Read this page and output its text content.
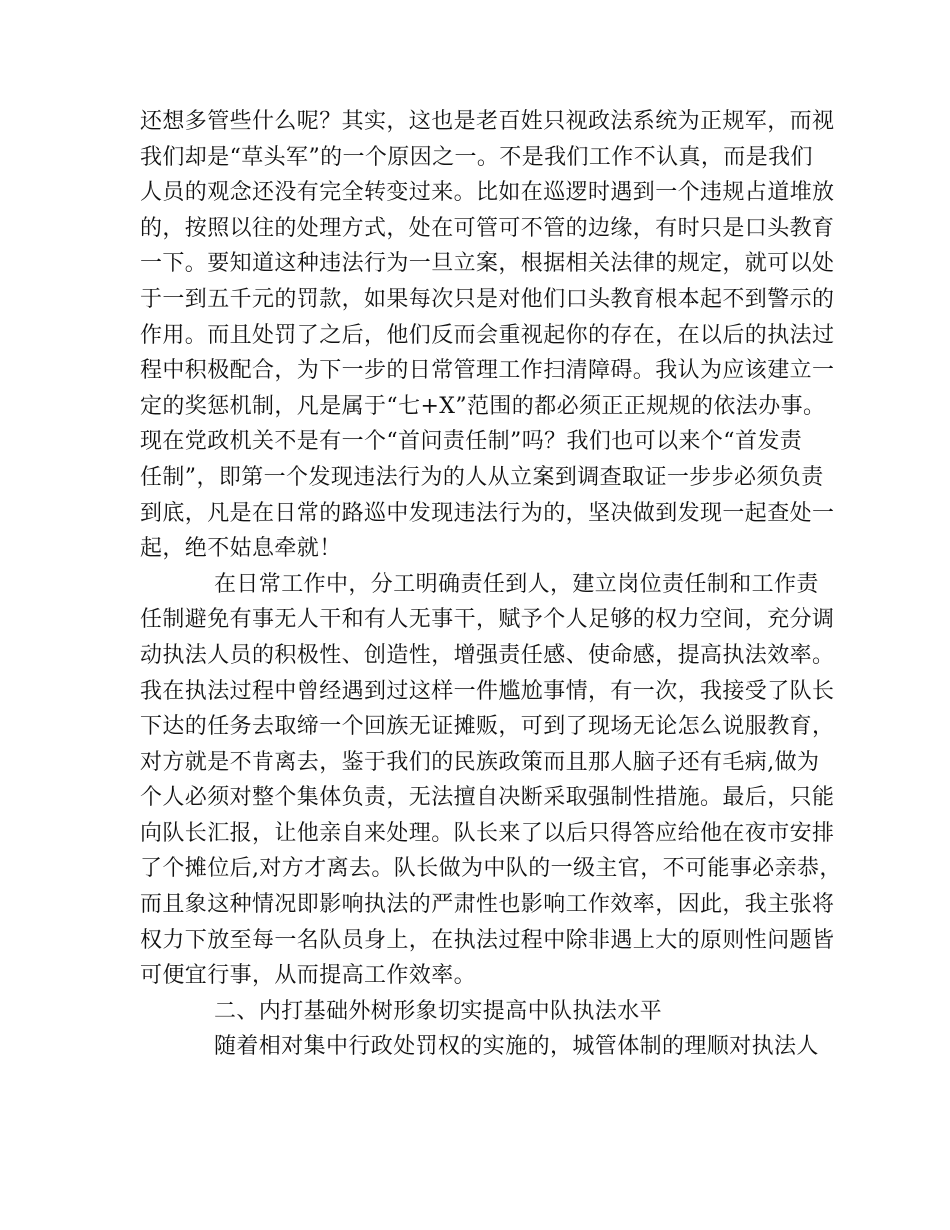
还想多管些什么呢？其实，这也是老百姓只视政法系统为正规军，而视
我们却是“草头军”的一个原因之一。不是我们工作不认真，而是我们
人员的观念还没有完全转变过来。比如在巡逻时遇到一个违规占道堆放
的，按照以往的处理方式，处在可管可不管的边缘，有时只是口头教育
一下。要知道这种违法行为一旦立案，根据相关法律的规定，就可以处
于一到五千元的罚款，如果每次只是对他们口头教育根本起不到警示的
作用。而且处罚了之后，他们反而会重视起你的存在，在以后的执法过
程中积极配合，为下一步的日常管理工作扫清障碍。我认为应该建立一
定的奖惩机制，凡是属于“七+X”范围的都必须正正规规的依法办事。
现在党政机关不是有一个“首问责任制”吗？我们也可以来个“首发责
任制”，即第一个发现违法行为的人从立案到调查取证一步步必须负责
到底，凡是在日常的路巡中发现违法行为的，坚决做到发现一起查处一
起，绝不姑息牵就！
在日常工作中，分工明确责任到人，建立岗位责任制和工作责
任制避免有事无人干和有人无事干，赋予个人足够的权力空间，充分调
动执法人员的积极性、创造性，增强责任感、使命感，提高执法效率。
我在执法过程中曾经遇到过这样一件尴尬事情，有一次，我接受了队长
下达的任务去取缔一个回族无证摊贩，可到了现场无论怎么说服教育，
对方就是不肯离去，鉴于我们的民族政策而且那人脑子还有毛病,做为
个人必须对整个集体负责，无法擅自决断采取强制性措施。最后，只能
向队长汇报，让他亲自来处理。队长来了以后只得答应给他在夜市安排
了个摊位后,对方才离去。队长做为中队的一级主官，不可能事必亲恭，
而且象这种情况即影响执法的严肃性也影响工作效率，因此，我主张将
权力下放至每一名队员身上，在执法过程中除非遇上大的原则性问题皆
可便宜行事，从而提高工作效率。
二、内打基础外树形象切实提高中队执法水平
随着相对集中行政处罚权的实施的，城管体制的理顺对执法人
